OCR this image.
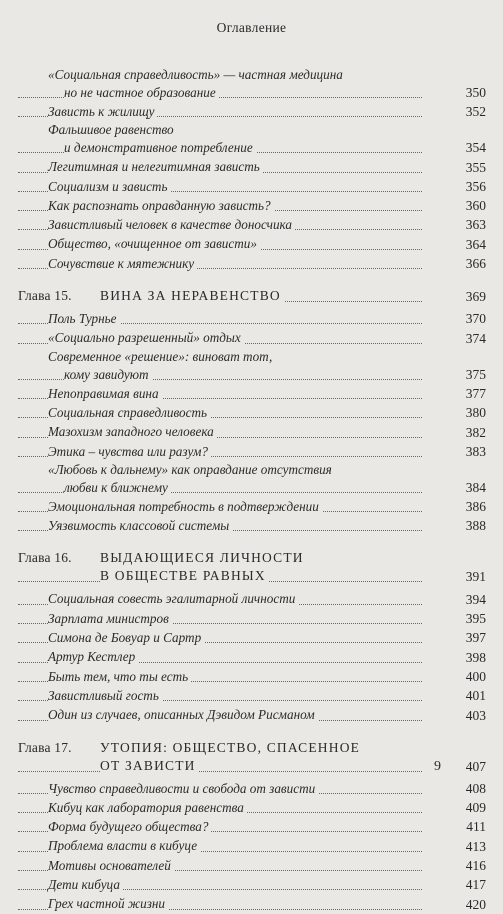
Оглавление
«Социальная справедливость» — частная медицина
но не частное образование	350
Зависть к жилищу	352
Фальшивое равенство
и демонстративное потребление	354
Легитимная и нелегитимная зависть	355
Социализм и зависть	356
Как распознать оправданную зависть?	360
Завистливый человек в качестве доносчика	363
Общество, «очищенное от зависти»	364
Сочувствие к мятежнику	366
Глава 15. ВИНА ЗА НЕРАВЕНСТВО	369
Поль Турнье	370
«Социально разрешенный» отдых	374
Современное «решение»: виноват тот,
кому завидуют	375
Непоправимая вина	377
Социальная справедливость	380
Мазохизм западного человека	382
Этика – чувства или разум?	383
«Любовь к дальнему» как оправдание отсутствия
любви к ближнему	384
Эмоциональная потребность в подтверждении	386
Уязвимость классовой системы	388
Глава 16. ВЫДАЮЩИЕСЯ ЛИЧНОСТИ
В ОБЩЕСТВЕ РАВНЫХ	391
Социальная совесть эгалитарной личности	394
Зарплата министров	395
Симона де Бовуар и Сартр	397
Артур Кестлер	398
Быть тем, что ты есть	400
Завистливый гость	401
Один из случаев, описанных Дэвидом Рисманом	403
Глава 17. УТОПИЯ: ОБЩЕСТВО, СПАСЕННОЕ
ОТ ЗАВИСТИ	407
Чувство справедливости и свобода от зависти	408
Кибуц как лаборатория равенства	409
Форма будущего общества?	411
Проблема власти в кибуце	413
Мотивы основателей	416
Дети кибуца	417
Грех частной жизни	420
9
